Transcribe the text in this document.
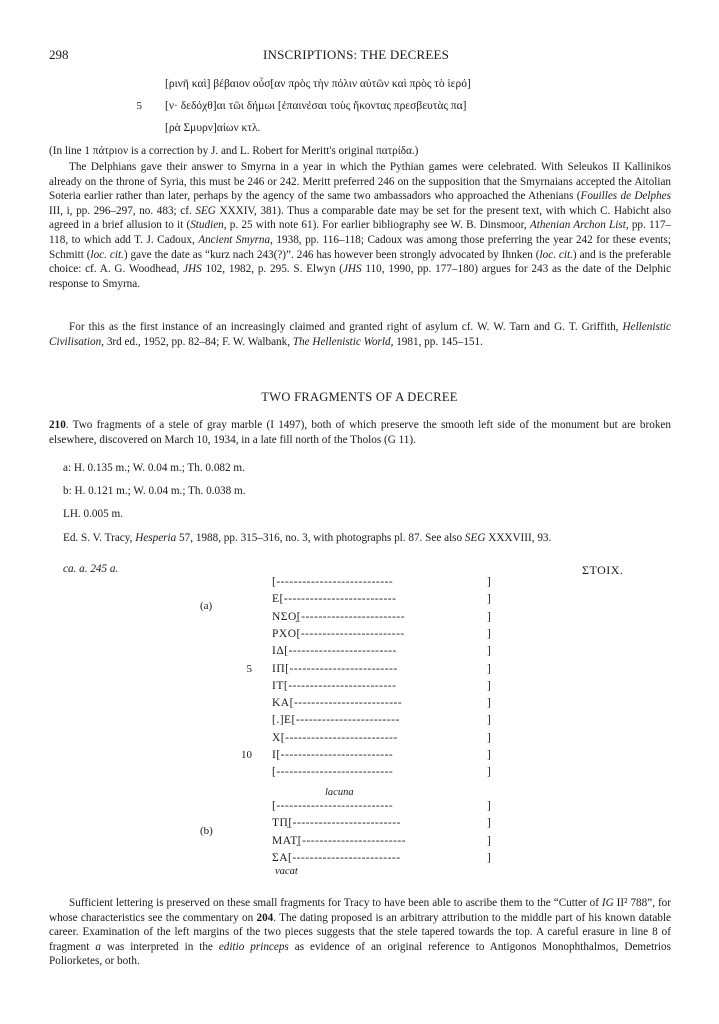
298	INSCRIPTIONS: THE DECREES
[ρινῆ καὶ] βέβαιον οὖσ[αν πρὸς τὴν πόλιν αὐτῶν καὶ πρὸς τὸ ἱερό]
5 [ν· δεδόχθ]αι τῶι δήμωι [ἐπαινέσαι τοὺς ἥκοντας πρεσβευτὰς πα]
[ρὰ Σμυρν]αίων κτλ.
(In line 1 πάτριον is a correction by J. and L. Robert for Meritt's original πατρίδα.)
The Delphians gave their answer to Smyrna in a year in which the Pythian games were celebrated. With Seleukos II Kallinikos already on the throne of Syria, this must be 246 or 242. Meritt preferred 246 on the supposition that the Smyrnaians accepted the Aitolian Soteria earlier rather than later, perhaps by the agency of the same two ambassadors who approached the Athenians (Fouilles de Delphes III, i, pp. 296–297, no. 483; cf. SEG XXXIV, 381). Thus a comparable date may be set for the present text, with which C. Habicht also agreed in a brief allusion to it (Studien, p. 25 with note 61). For earlier bibliography see W. B. Dinsmoor, Athenian Archon List, pp. 117–118, to which add T. J. Cadoux, Ancient Smyrna, 1938, pp. 116–118; Cadoux was among those preferring the year 242 for these events; Schmitt (loc. cit.) gave the date as “kurz nach 243(?)”. 246 has however been strongly advocated by Ihnken (loc. cit.) and is the preferable choice: cf. A. G. Woodhead, JHS 102, 1982, p. 295. S. Elwyn (JHS 110, 1990, pp. 177–180) argues for 243 as the date of the Delphic response to Smyrna.
For this as the first instance of an increasingly claimed and granted right of asylum cf. W. W. Tarn and G. T. Griffith, Hellenistic Civilisation, 3rd ed., 1952, pp. 82–84; F. W. Walbank, The Hellenistic World, 1981, pp. 145–151.
TWO FRAGMENTS OF A DECREE
210. Two fragments of a stele of gray marble (I 1497), both of which preserve the smooth left side of the monument but are broken elsewhere, discovered on March 10, 1934, in a late fill north of the Tholos (G 11).
a: H. 0.135 m.; W. 0.04 m.; Th. 0.082 m.
b: H. 0.121 m.; W. 0.04 m.; Th. 0.038 m.
LH. 0.005 m.
Ed. S. V. Tracy, Hesperia 57, 1988, pp. 315–316, no. 3, with photographs pl. 87. See also SEG XXXVIII, 93.
ca. a. 245 a.	ΣΤΟΙΧ.
(a)
[---------------------------	]
Ε[--------------------------	]
ΝΣΟ̣[------------------------	]
ΡΧΟ[------------------------	]
ΙΔ[-------------------------	]
5 ΙΠ[-------------------------	]
ΙΤ[-------------------------	]
ΚΑ[-------------------------	]
[.]Ε[------------------------	]
Χ[--------------------------	]
10 Ι[--------------------------	]
[---------------------------	]
lacuna
(b)
[---------------------------	]
ΤΠ̣[-------------------------	]
ΜΑΤ̣[------------------------	]
ΣΑ[-------------------------	]
vacat
Sufficient lettering is preserved on these small fragments for Tracy to have been able to ascribe them to the “Cutter of IG II² 788”, for whose characteristics see the commentary on 204. The dating proposed is an arbitrary attribution to the middle part of his known datable career. Examination of the left margins of the two pieces suggests that the stele tapered towards the top. A careful erasure in line 8 of fragment a was interpreted in the editio princeps as evidence of an original reference to Antigonos Monophthalmos, Demetrios Poliorketes, or both.
